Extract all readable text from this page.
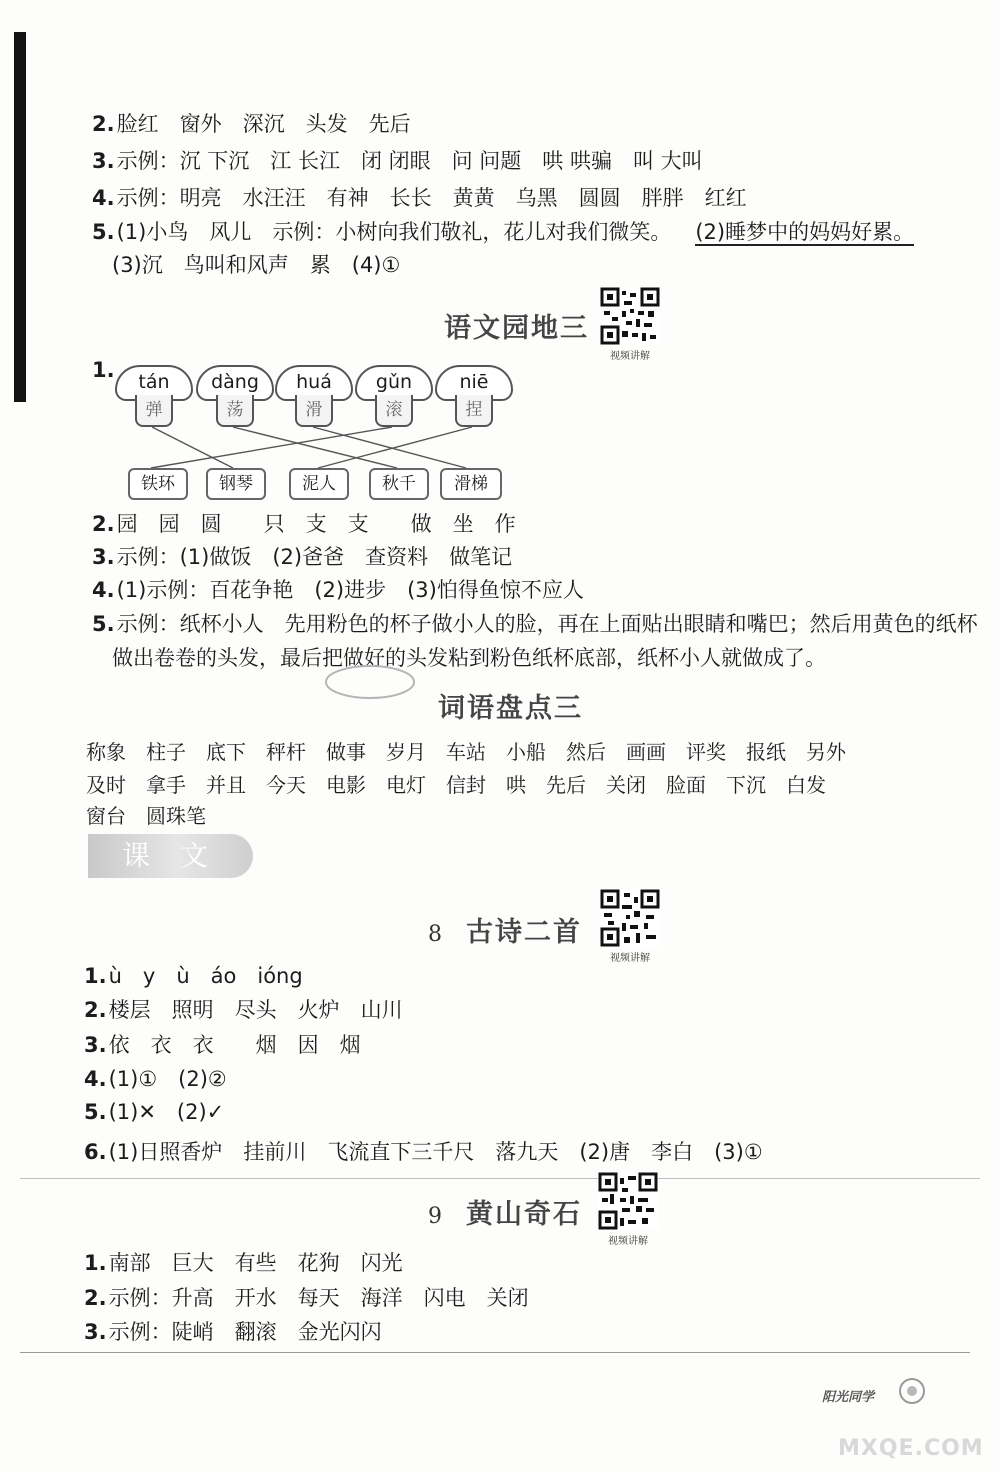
2.脸红　窗外　深沉　头发　先后
3.示例：沉 下沉　江 长江　闭 闭眼　问 问题　哄 哄骗　叫 大叫
4.示例：明亮　水汪汪　有神　长长　黄黄　乌黑　圆圆　胖胖　红红
5.(1)小鸟　风儿　示例：小树向我们敬礼，花儿对我们微笑。 (2)睡梦中的妈妈好累。
(3)沉　鸟叫和风声　累　(4)①
语文园地三
视频讲解
1.	tán
弹
dàng
荡
huá
滑
gǔn
滚
niē
捏
铁环	钢琴	泥人	秋千	滑梯
2.园　园　圆　　只　支　支　　做　坐　作
3.示例：(1)做饭　(2)爸爸　查资料　做笔记
4.(1)示例：百花争艳　(2)进步　(3)怕得鱼惊不应人
5.示例：纸杯小人　先用粉色的杯子做小人的脸，再在上面贴出眼睛和嘴巴；然后用黄色的纸杯
做出卷卷的头发，最后把做好的头发粘到粉色纸杯底部，纸杯小人就做成了。
词语盘点三
称象　柱子　底下　秤杆　做事　岁月　车站　小船　然后　画画　评奖　报纸　另外
及时　拿手　并且　今天　电影　电灯　信封　哄　先后　关闭　脸面　下沉　白发
窗台　圆珠笔
课文
8 古诗二首
视频讲解
1.ù　y　ù　áo　ióng
2.楼层　照明　尽头　火炉　山川
3.依　衣　衣　　烟　因　烟
4.(1)①　(2)②
5.(1)✕　(2)✓
6.(1)日照香炉　挂前川　飞流直下三千尺　落九天　(2)唐　李白　(3)①
9 黄山奇石
视频讲解
1.南部　巨大　有些　花狗　闪光
2.示例：升高　开水　每天　海洋　闪电　关闭
3.示例：陡峭　翻滚　金光闪闪
阳光同学
MXQE.COM
